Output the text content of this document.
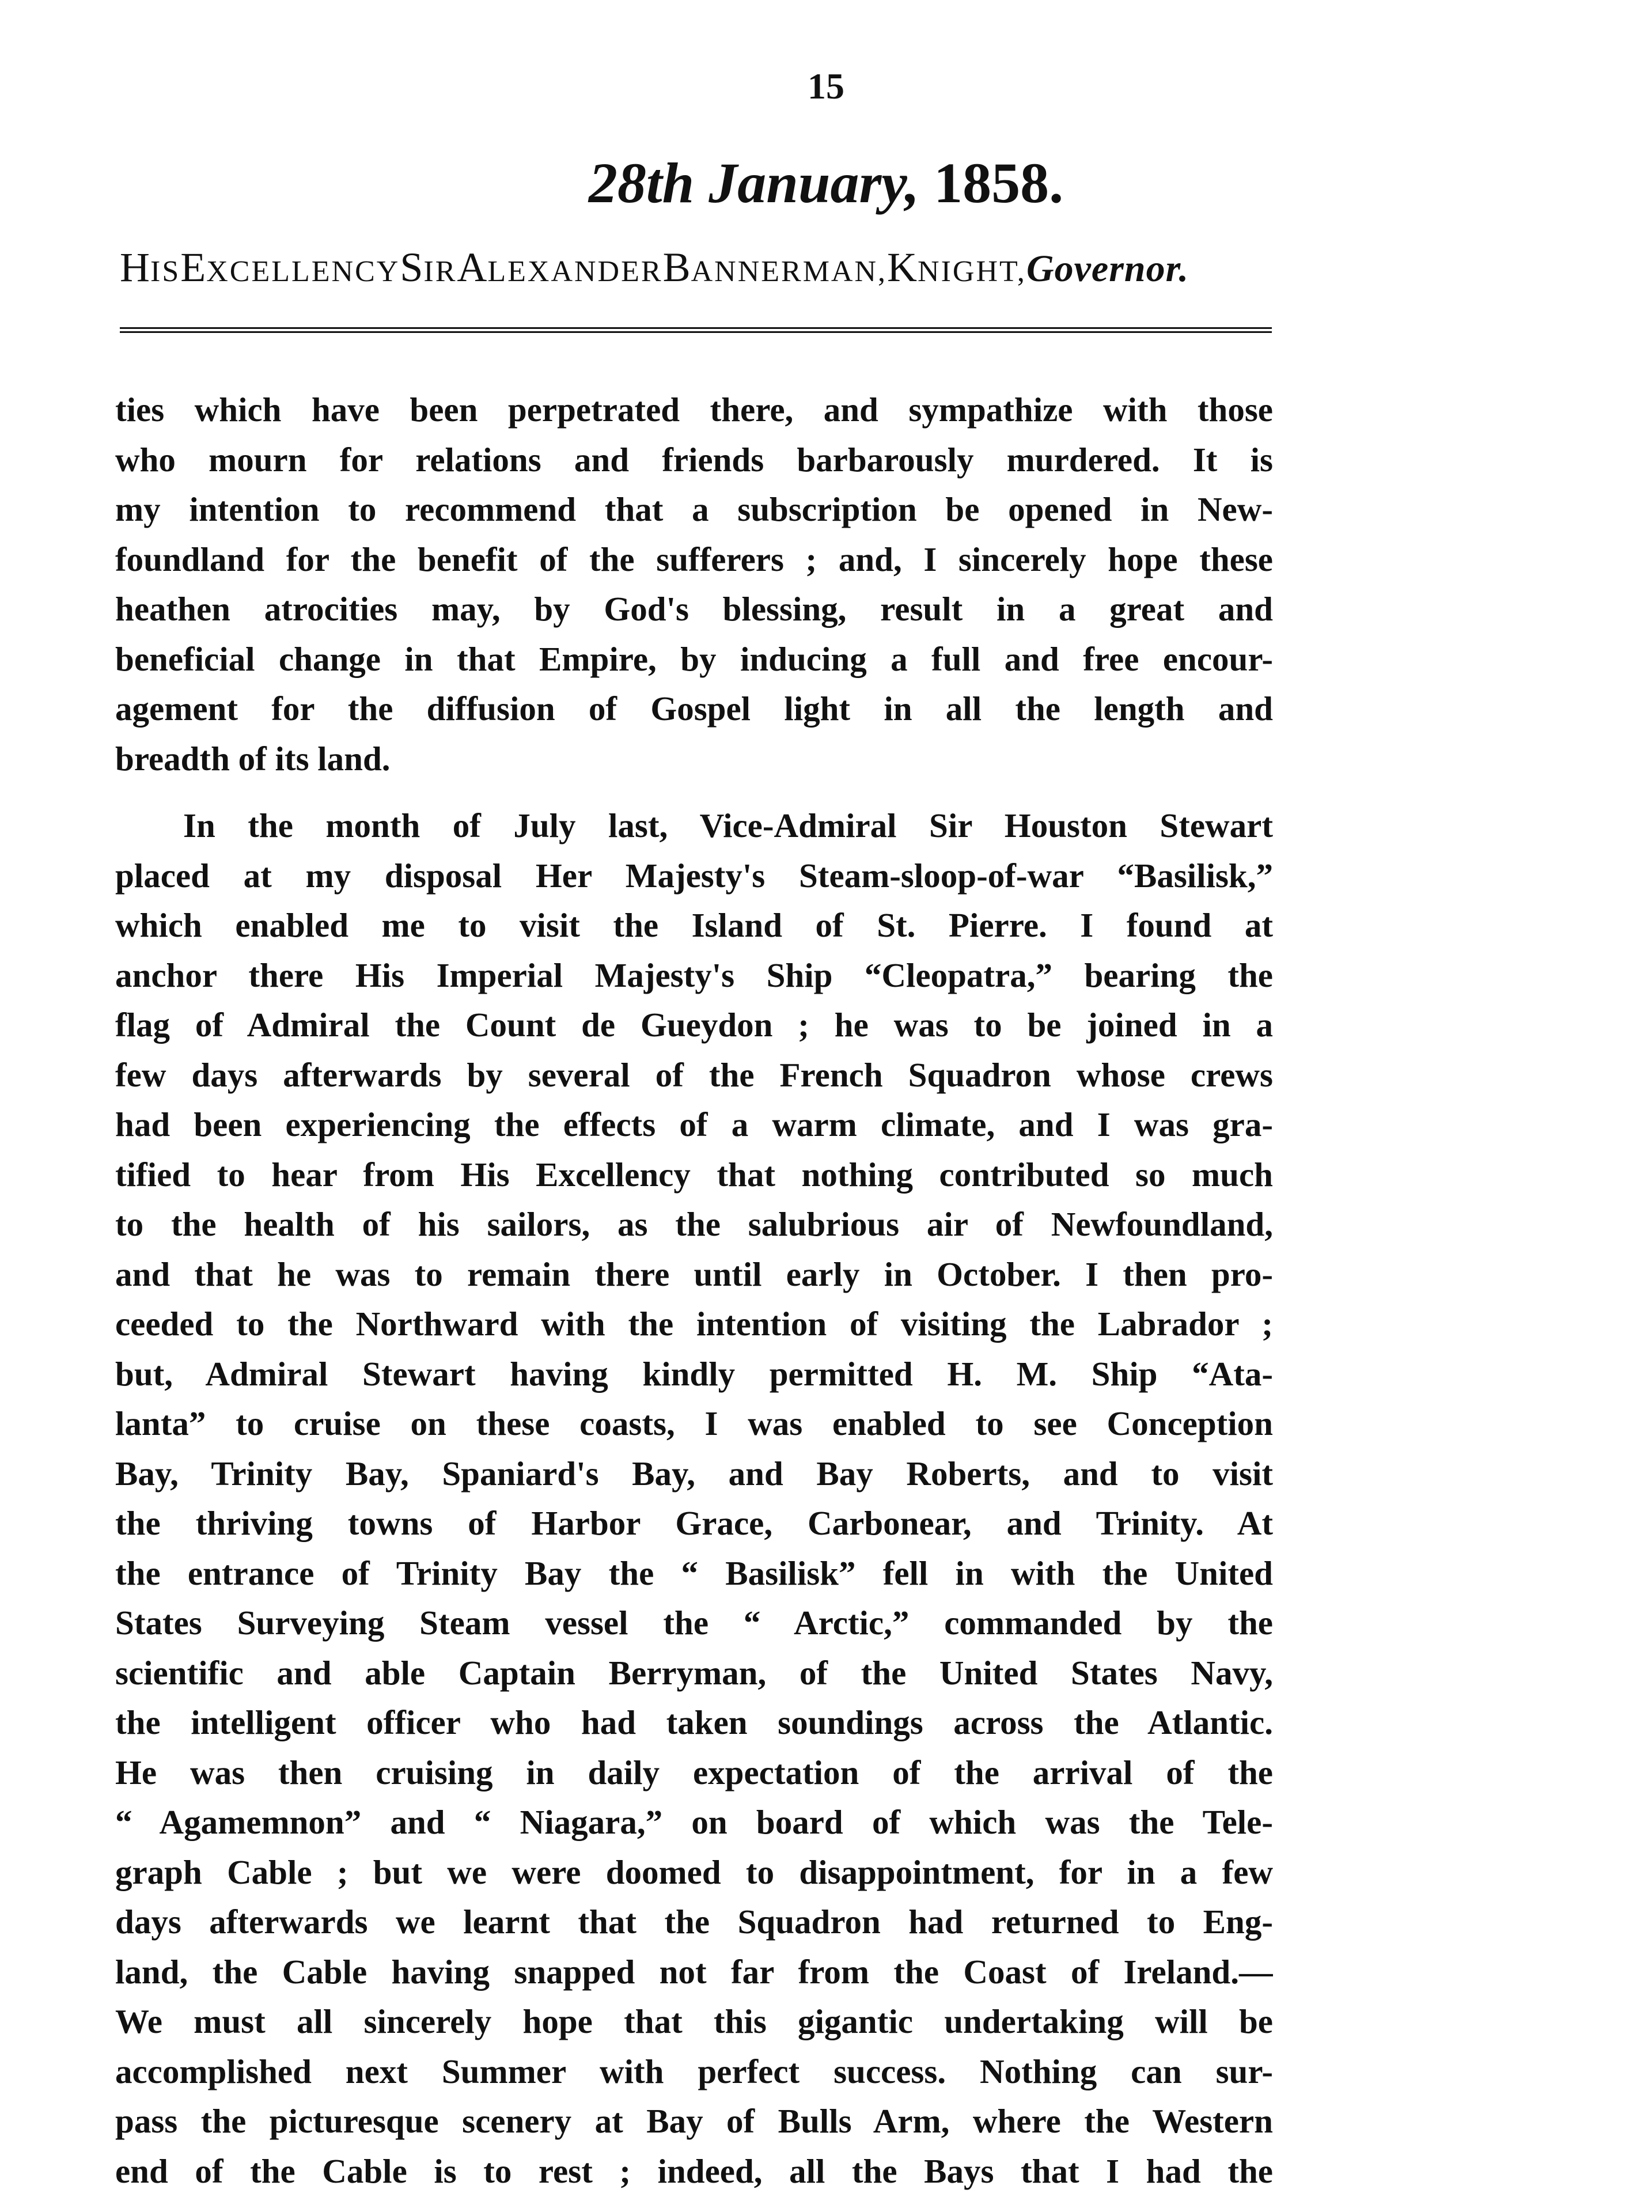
15
28th January, 1858.
HISEXCELLENCYSIRALEXANDERBANNERMAN,KNIGHT,Governor.
ties which have been perpetrated there, and sympathize with those
who mourn for relations and friends barbarously murdered. It is
my intention to recommend that a subscription be opened in New-
foundland for the benefit of the sufferers ; and, I sincerely hope these
heathen atrocities may, by God's blessing, result in a great and
beneficial change in that Empire, by inducing a full and free encour-
agement for the diffusion of Gospel light in all the length and
breadth of its land.
In the month of July last, Vice-Admiral Sir Houston Stewart
placed at my disposal Her Majesty's Steam-sloop-of-war “Basilisk,”
which enabled me to visit the Island of St. Pierre. I found at
anchor there His Imperial Majesty's Ship “Cleopatra,” bearing the
flag of Admiral the Count de Gueydon ; he was to be joined in a
few days afterwards by several of the French Squadron whose crews
had been experiencing the effects of a warm climate, and I was gra-
tified to hear from His Excellency that nothing contributed so much
to the health of his sailors, as the salubrious air of Newfoundland,
and that he was to remain there until early in October. I then pro-
ceeded to the Northward with the intention of visiting the Labrador ;
but, Admiral Stewart having kindly permitted H. M. Ship “Ata-
lanta” to cruise on these coasts, I was enabled to see Conception
Bay, Trinity Bay, Spaniard's Bay, and Bay Roberts, and to visit
the thriving towns of Harbor Grace, Carbonear, and Trinity. At
the entrance of Trinity Bay the “ Basilisk” fell in with the United
States Surveying Steam vessel the “ Arctic,” commanded by the
scientific and able Captain Berryman, of the United States Navy,
the intelligent officer who had taken soundings across the Atlantic.
He was then cruising in daily expectation of the arrival of the
“ Agamemnon” and “ Niagara,” on board of which was the Tele-
graph Cable ; but we were doomed to disappointment, for in a few
days afterwards we learnt that the Squadron had returned to Eng-
land, the Cable having snapped not far from the Coast of Ireland.—
We must all sincerely hope that this gigantic undertaking will be
accomplished next Summer with perfect success. Nothing can sur-
pass the picturesque scenery at Bay of Bulls Arm, where the Western
end of the Cable is to rest ; indeed, all the Bays that I had the
